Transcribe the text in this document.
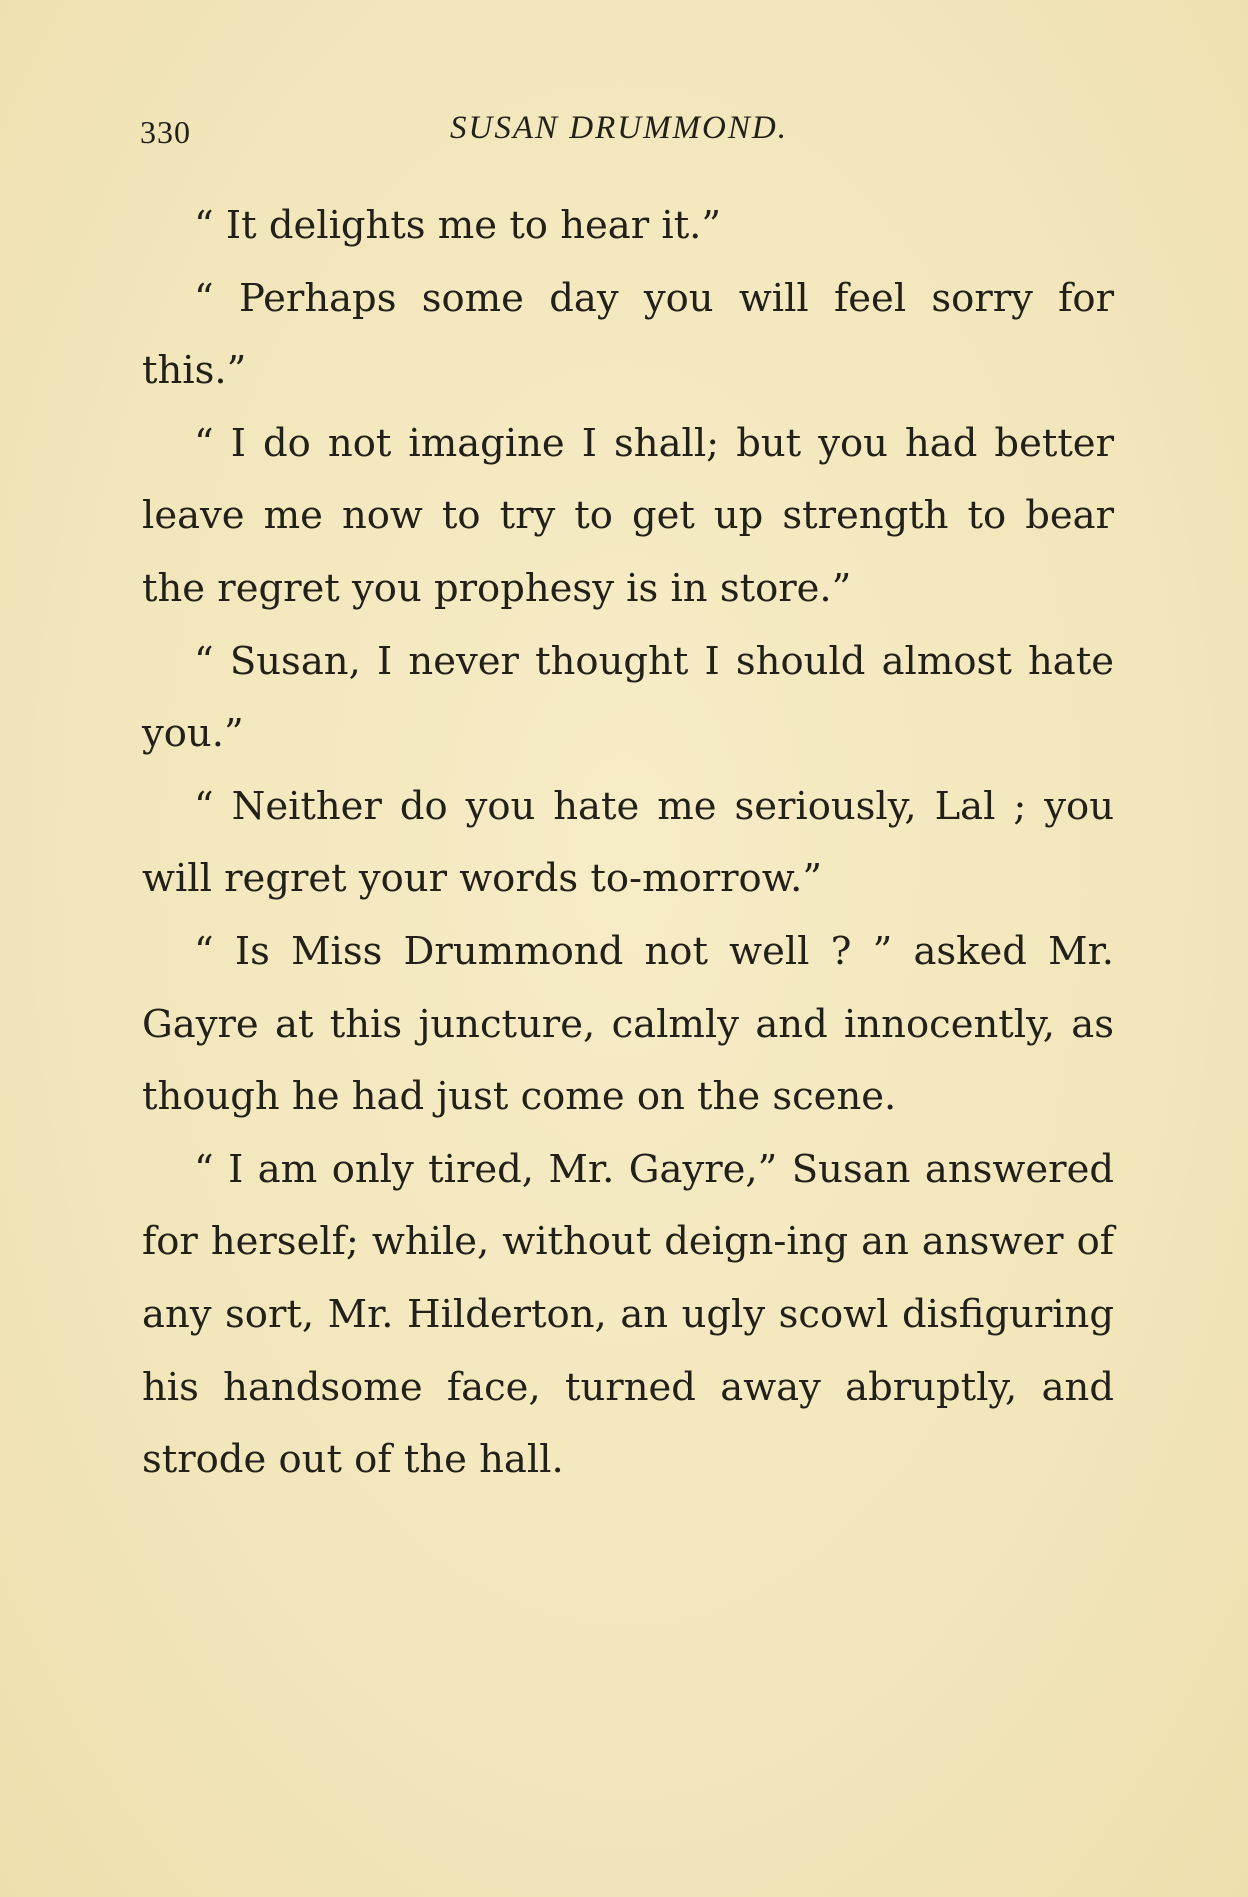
330	SUSAN DRUMMOND.

“ It delights me to hear it.”

“ Perhaps some day you will feel sorry for this.”

“ I do not imagine I shall; but you had better leave me now to try to get up strength to bear the regret you prophesy is in store.”

“ Susan, I never thought I should almost hate you.”

“ Neither do you hate me seriously, Lal ; you will regret your words to-morrow.”

“ Is Miss Drummond not well ? ” asked Mr. Gayre at this juncture, calmly and innocently, as though he had just come on the scene.

“ I am only tired, Mr. Gayre,” Susan answered for herself; while, without deign-ing an answer of any sort, Mr. Hilderton, an ugly scowl disfiguring his handsome face, turned away abruptly, and strode out of the hall.
